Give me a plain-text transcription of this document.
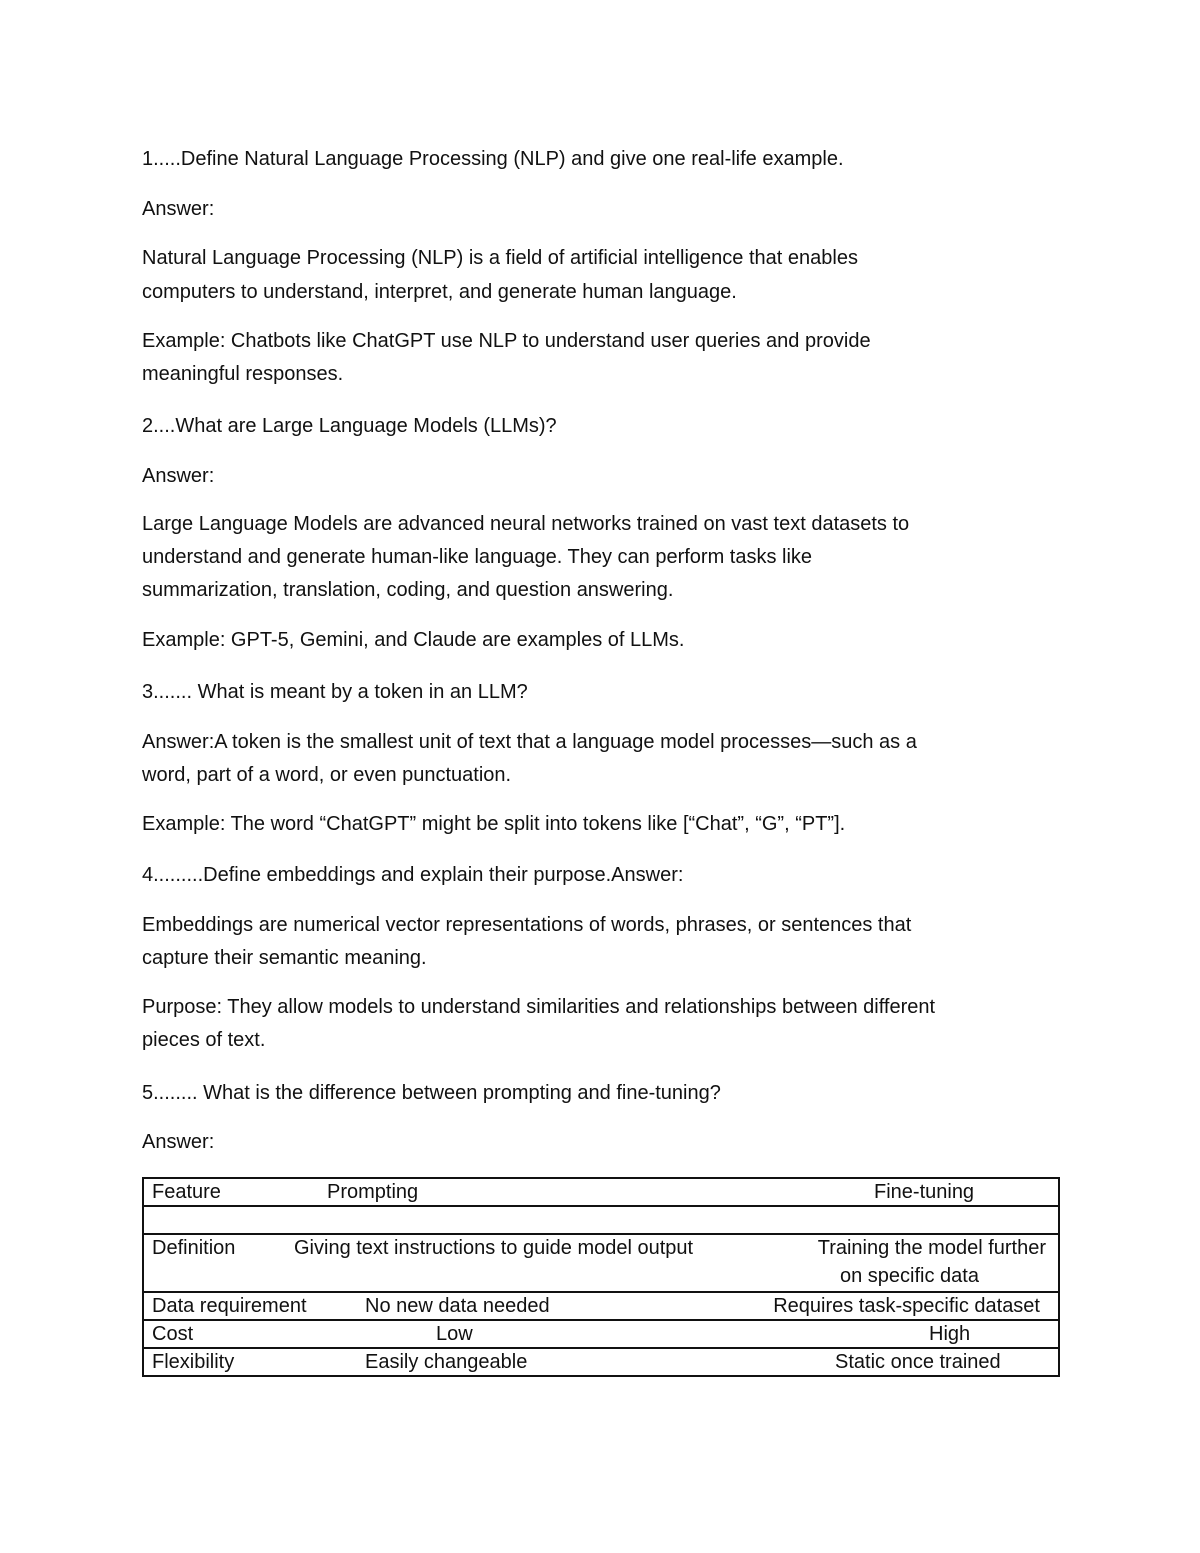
1.....Define Natural Language Processing (NLP) and give one real-life example.

Answer:

Natural Language Processing (NLP) is a field of artificial intelligence that enables

computers to understand, interpret, and generate human language.

Example: Chatbots like ChatGPT use NLP to understand user queries and provide

meaningful responses.

2....What are Large Language Models (LLMs)?

Answer:

Large Language Models are advanced neural networks trained on vast text datasets to

understand and generate human-like language. They can perform tasks like

summarization, translation, coding, and question answering.

Example: GPT-5, Gemini, and Claude are examples of LLMs.

3....... What is meant by a token in an LLM?

Answer:A token is the smallest unit of text that a language model processes—such as a

word, part of a word, or even punctuation.

Example: The word “ChatGPT” might be split into tokens like [“Chat”, “G”, “PT”].

4.........Define embeddings and explain their purpose.Answer:

Embeddings are numerical vector representations of words, phrases, or sentences that

capture their semantic meaning.

Purpose: They allow models to understand similarities and relationships between different

pieces of text.

5........ What is the difference between prompting and fine-tuning?

Answer:

Feature	Prompting	Fine-tuning

Definition	Giving text instructions to guide model output	Training the model further
on specific data

Data requirement	No new data needed	Requires task-specific dataset

Cost	Low	High

Flexibility	Easily changeable	Static once trained
